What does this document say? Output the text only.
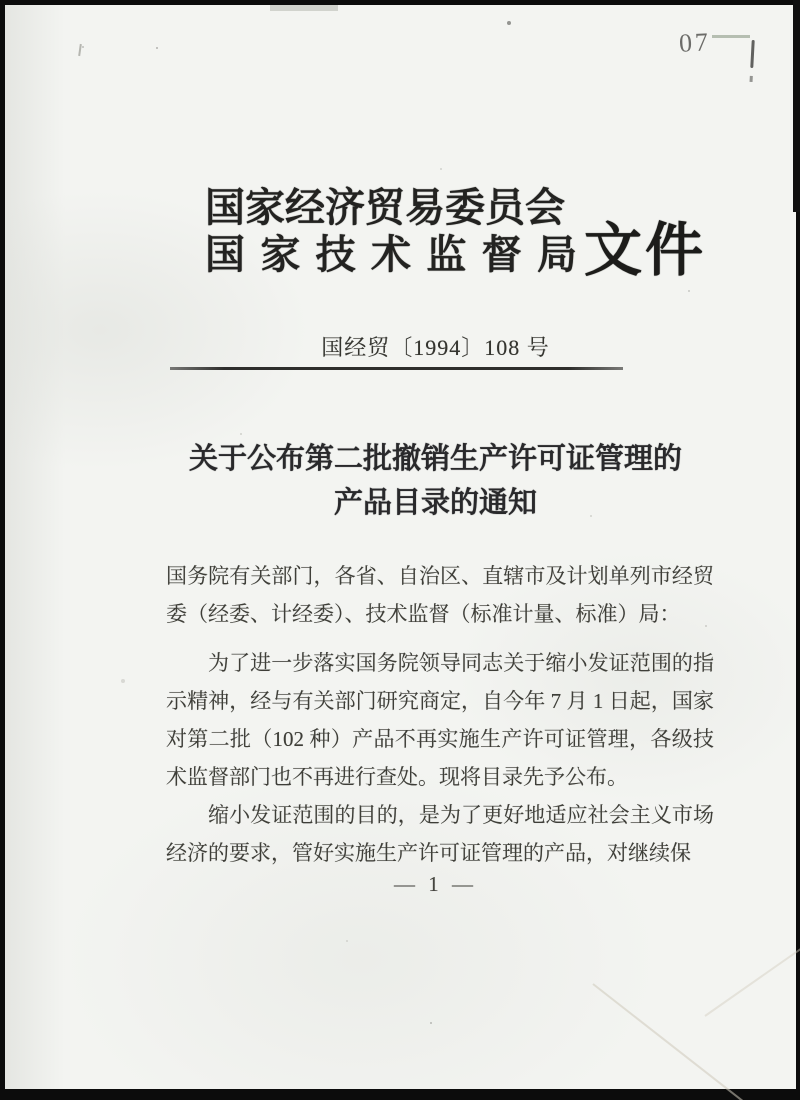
07
国家经济贸易委员会
国家技术监督局 文件
国经贸〔1994〕108 号
关于公布第二批撤销生产许可证管理的
产品目录的通知

国务院有关部门，各省、自治区、直辖市及计划单列市经贸委（经委、计经委）、技术监督（标准计量、标准）局：

为了进一步落实国务院领导同志关于缩小发证范围的指示精神，经与有关部门研究商定，自今年 7 月 1 日起，国家对第二批（102 种）产品不再实施生产许可证管理，各级技术监督部门也不再进行查处。现将目录先予公布。

缩小发证范围的目的，是为了更好地适应社会主义市场经济的要求，管好实施生产许可证管理的产品，对继续保

— 1 —
